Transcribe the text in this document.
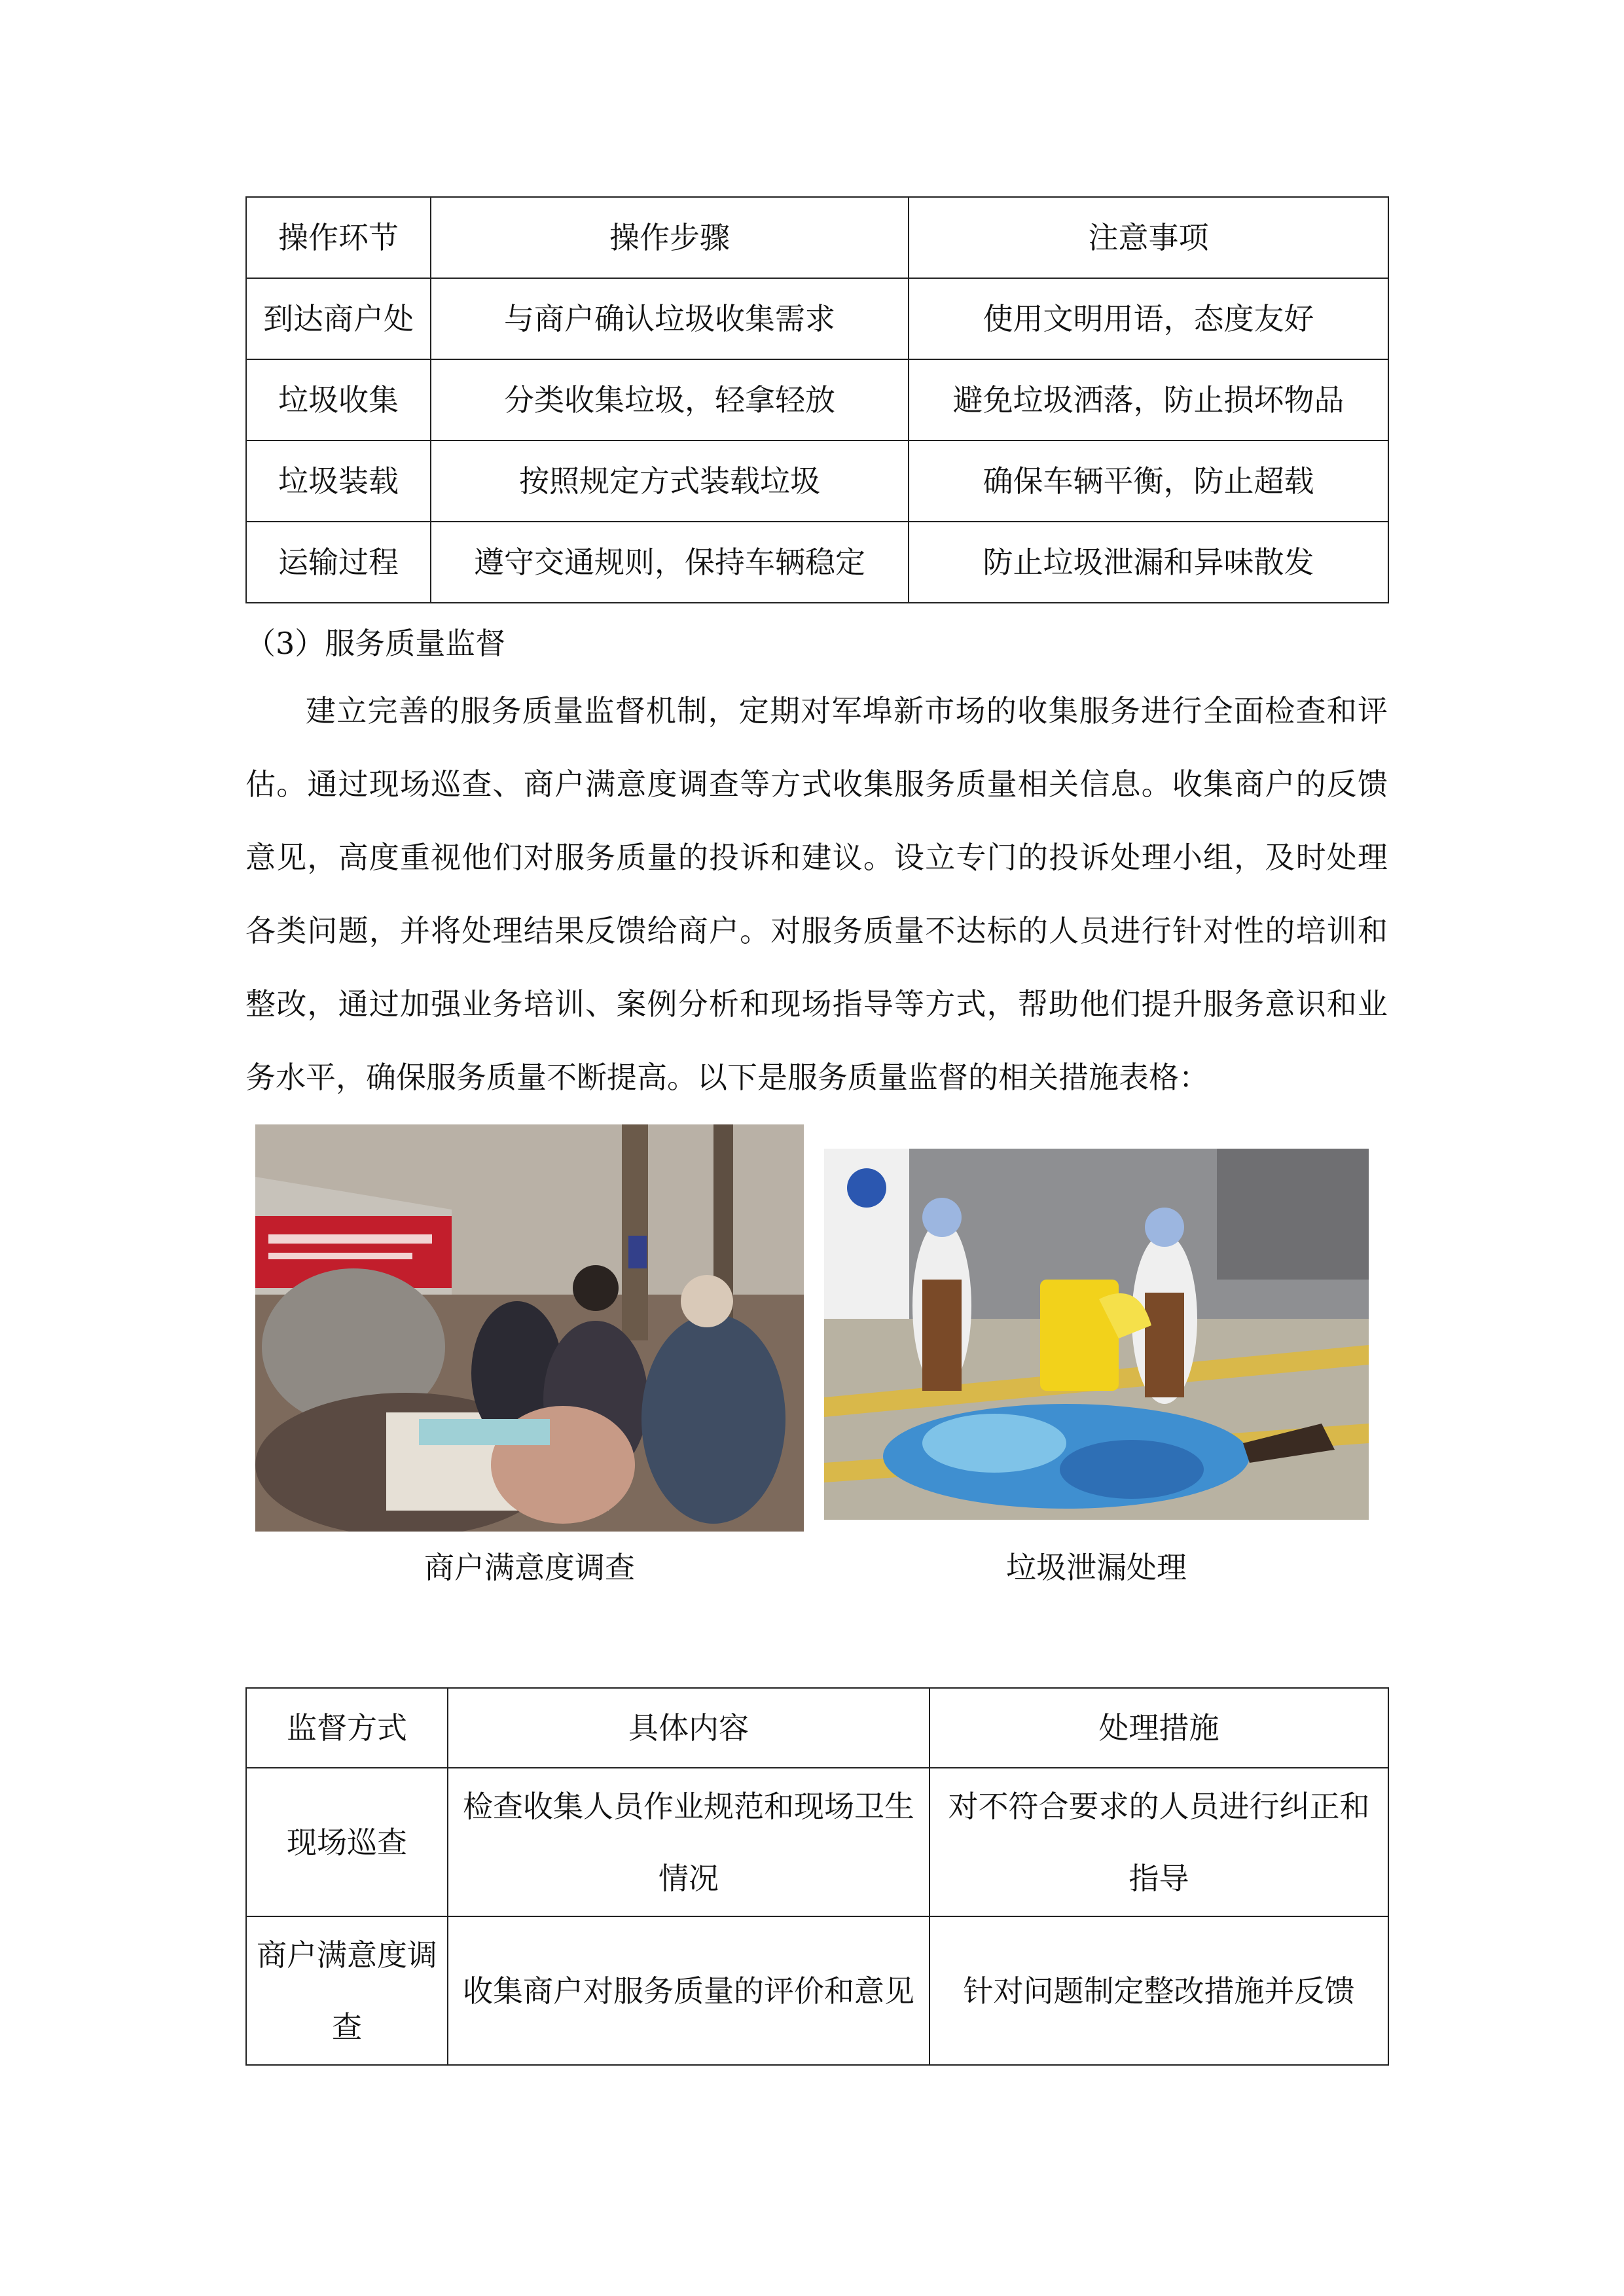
操作环节	操作步骤	注意事项
到达商户处	与商户确认垃圾收集需求	使用文明用语，态度友好
垃圾收集	分类收集垃圾，轻拿轻放	避免垃圾洒落，防止损坏物品
垃圾装载	按照规定方式装载垃圾	确保车辆平衡，防止超载
运输过程	遵守交通规则，保持车辆稳定	防止垃圾泄漏和异味散发
（3）服务质量监督

建立完善的服务质量监督机制，定期对军埠新市场的收集服务进行全面检查和评估。通过现场巡查、商户满意度调查等方式收集服务质量相关信息。收集商户的反馈意见，高度重视他们对服务质量的投诉和建议。设立专门的投诉处理小组，及时处理各类问题，并将处理结果反馈给商户。对服务质量不达标的人员进行针对性的培训和整改，通过加强业务培训、案例分析和现场指导等方式，帮助他们提升服务意识和业务水平，确保服务质量不断提高。以下是服务质量监督的相关措施表格：

商户满意度调查	垃圾泄漏处理
监督方式	具体内容	处理措施
现场巡查	检查收集人员作业规范和现场卫生情况	对不符合要求的人员进行纠正和指导
商户满意度调查	收集商户对服务质量的评价和意见	针对问题制定整改措施并反馈
